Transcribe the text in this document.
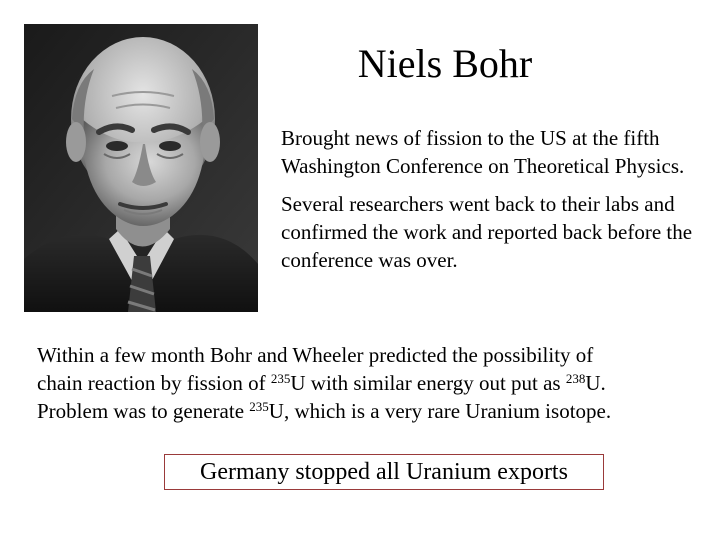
Niels Bohr

Brought news of fission to the US at the fifth Washington Conference on Theoretical Physics.

Several researchers went back to their labs and confirmed the work and reported back before the conference was over.

Within a few month Bohr and Wheeler predicted the possibility of
chain reaction by fission of $^{235}$U with similar energy out put as $^{238}$U.
Problem was to generate $^{235}$U, which is a very rare Uranium isotope.
Germany stopped all Uranium exports
